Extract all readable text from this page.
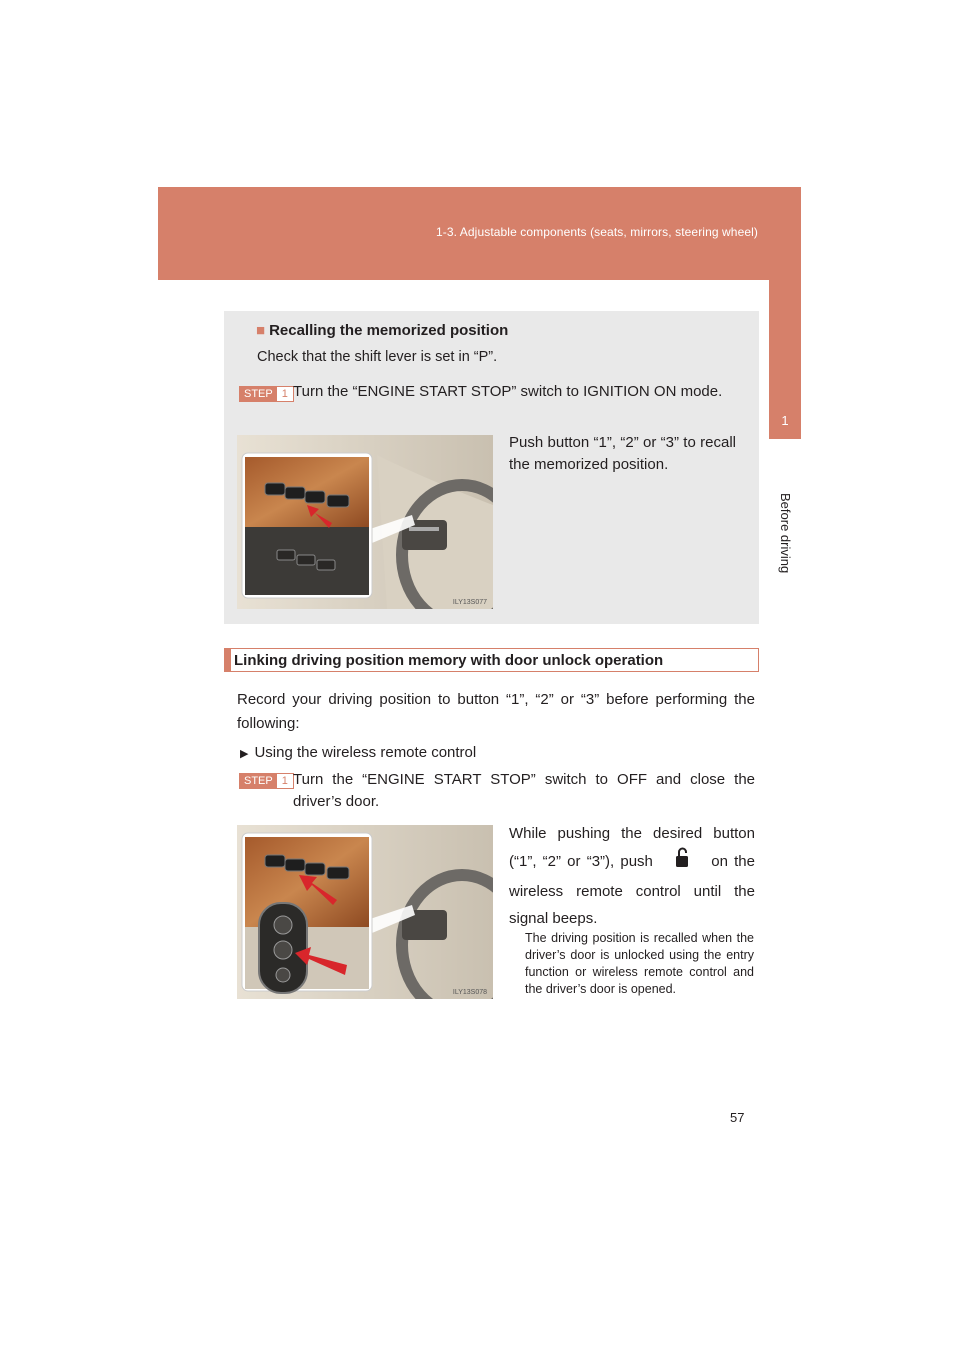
1-3. Adjustable components (seats, mirrors, steering wheel)
1
Before driving
■ Recalling the memorized position
Check that the shift lever is set in “P”.
STEP 1 Turn the “ENGINE START STOP” switch to IGNITION ON mode.
Push button “1”, “2” or “3” to recall the memorized position.
ILY13S077
Linking driving position memory with door unlock operation
Record your driving position to button “1”, “2” or “3” before performing the following:
▶ Using the wireless remote control
STEP 1 Turn the “ENGINE START STOP” switch to OFF and close the driver’s door.
While pushing the desired button (“1”, “2” or “3”), push	on the wireless remote control until the signal beeps.
ILY13S078
The driving position is recalled when the driver’s door is unlocked using the entry function or wireless remote control and the driver’s door is opened.
57
